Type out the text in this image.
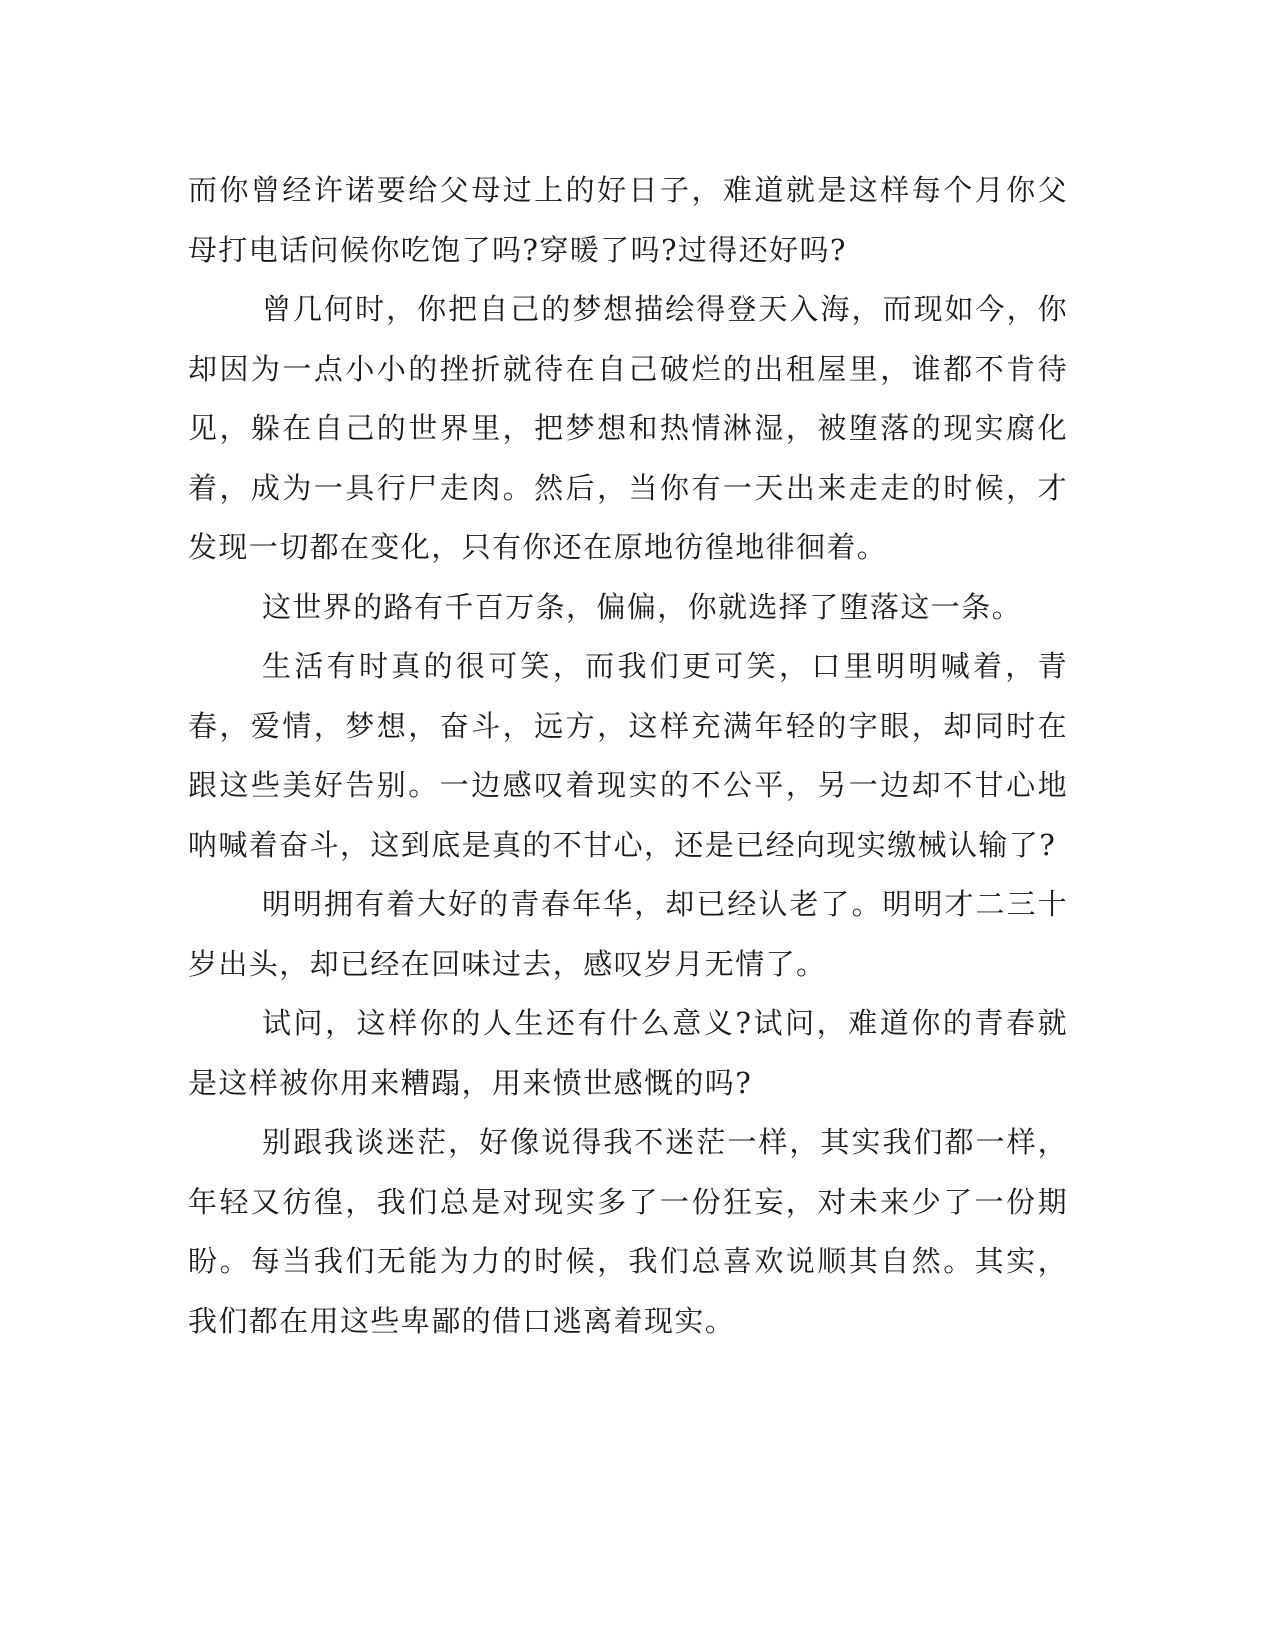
而你曾经许诺要给父母过上的好日子，难道就是这样每个月你父母打电话问候你吃饱了吗?穿暖了吗?过得还好吗?

曾几何时，你把自己的梦想描绘得登天入海，而现如今，你却因为一点小小的挫折就待在自己破烂的出租屋里，谁都不肯待见，躲在自己的世界里，把梦想和热情淋湿，被堕落的现实腐化着，成为一具行尸走肉。然后，当你有一天出来走走的时候，才发现一切都在变化，只有你还在原地彷徨地徘徊着。

这世界的路有千百万条，偏偏，你就选择了堕落这一条。

生活有时真的很可笑，而我们更可笑，口里明明喊着，青春，爱情，梦想，奋斗，远方，这样充满年轻的字眼，却同时在跟这些美好告别。一边感叹着现实的不公平，另一边却不甘心地呐喊着奋斗，这到底是真的不甘心，还是已经向现实缴械认输了?

明明拥有着大好的青春年华，却已经认老了。明明才二三十岁出头，却已经在回味过去，感叹岁月无情了。

试问，这样你的人生还有什么意义?试问，难道你的青春就是这样被你用来糟蹋，用来愤世感慨的吗?

别跟我谈迷茫，好像说得我不迷茫一样，其实我们都一样，年轻又彷徨，我们总是对现实多了一份狂妄，对未来少了一份期盼。每当我们无能为力的时候，我们总喜欢说顺其自然。其实，我们都在用这些卑鄙的借口逃离着现实。
